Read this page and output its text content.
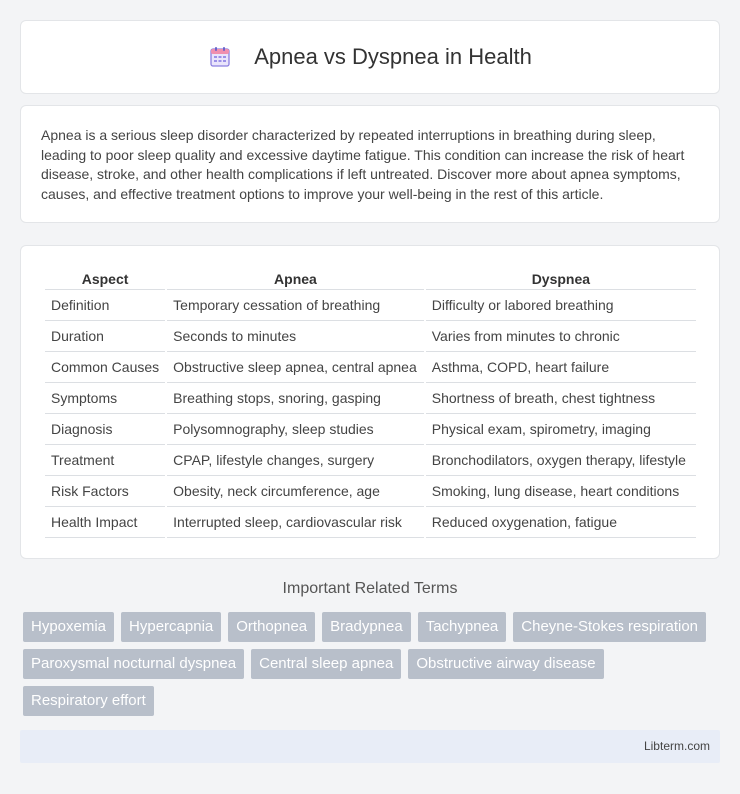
Apnea vs Dyspnea in Health

Apnea is a serious sleep disorder characterized by repeated interruptions in breathing during sleep, leading to poor sleep quality and excessive daytime fatigue. This condition can increase the risk of heart disease, stroke, and other health complications if left untreated. Discover more about apnea symptoms, causes, and effective treatment options to improve your well-being in the rest of this article.

Aspect	Apnea	Dyspnea
Definition	Temporary cessation of breathing	Difficulty or labored breathing
Duration	Seconds to minutes	Varies from minutes to chronic
Common Causes	Obstructive sleep apnea, central apnea	Asthma, COPD, heart failure
Symptoms	Breathing stops, snoring, gasping	Shortness of breath, chest tightness
Diagnosis	Polysomnography, sleep studies	Physical exam, spirometry, imaging
Treatment	CPAP, lifestyle changes, surgery	Bronchodilators, oxygen therapy, lifestyle
Risk Factors	Obesity, neck circumference, age	Smoking, lung disease, heart conditions
Health Impact	Interrupted sleep, cardiovascular risk	Reduced oxygenation, fatigue
Important Related Terms
Hypoxemia	Hypercapnia	Orthopnea	Bradypnea	Tachypnea	Cheyne-Stokes respiration
Paroxysmal nocturnal dyspnea	Central sleep apnea	Obstructive airway disease
Respiratory effort
Libterm.com
